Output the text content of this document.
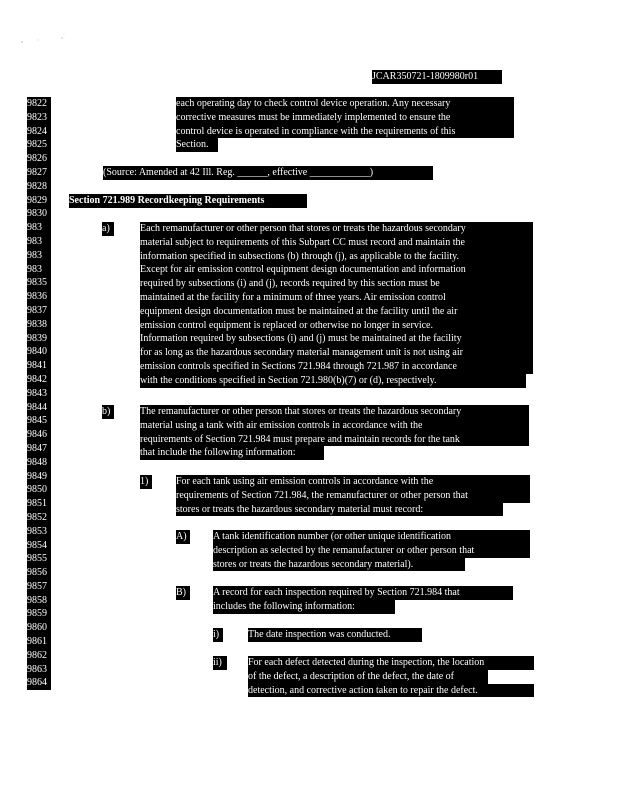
JCAR350721-1809980r01
9822
9823
9824
9825
9826
9827
9828
9829
9830
983
983
983
983
9835
9836
9837
9838
9839
9840
9841
9842
9843
9844
9845
9846
9847
9848
9849
9850
9851
9852
9853
9854
9855
9856
9857
9858
9859
9860
9861
9862
9863
9864
each operating day to check control device operation. Any necessary
corrective measures must be immediately implemented to ensure the
control device is operated in compliance with the requirements of this
Section.
(Source: Amended at 42 Ill. Reg. ______, effective ____________)
Section 721.989 Recordkeeping Requirements
a)	Each remanufacturer or other person that stores or treats the hazardous secondary
material subject to requirements of this Subpart CC must record and maintain the
information specified in subsections (b) through (j), as applicable to the facility.
Except for air emission control equipment design documentation and information
required by subsections (i) and (j), records required by this section must be
maintained at the facility for a minimum of three years. Air emission control
equipment design documentation must be maintained at the facility until the air
emission control equipment is replaced or otherwise no longer in service.
Information required by subsections (i) and (j) must be maintained at the facility
for as long as the hazardous secondary material management unit is not using air
emission controls specified in Sections 721.984 through 721.987 in accordance
with the conditions specified in Section 721.980(b)(7) or (d), respectively.
b)	The remanufacturer or other person that stores or treats the hazardous secondary
material using a tank with air emission controls in accordance with the
requirements of Section 721.984 must prepare and maintain records for the tank
that include the following information:
1)	For each tank using air emission controls in accordance with the
requirements of Section 721.984, the remanufacturer or other person that
stores or treats the hazardous secondary material must record:
A)	A tank identification number (or other unique identification
description as selected by the remanufacturer or other person that
stores or treats the hazardous secondary material).
B)	A record for each inspection required by Section 721.984 that
includes the following information:
i)	The date inspection was conducted.
ii)	For each defect detected during the inspection, the location
of the defect, a description of the defect, the date of
detection, and corrective action taken to repair the defect.
